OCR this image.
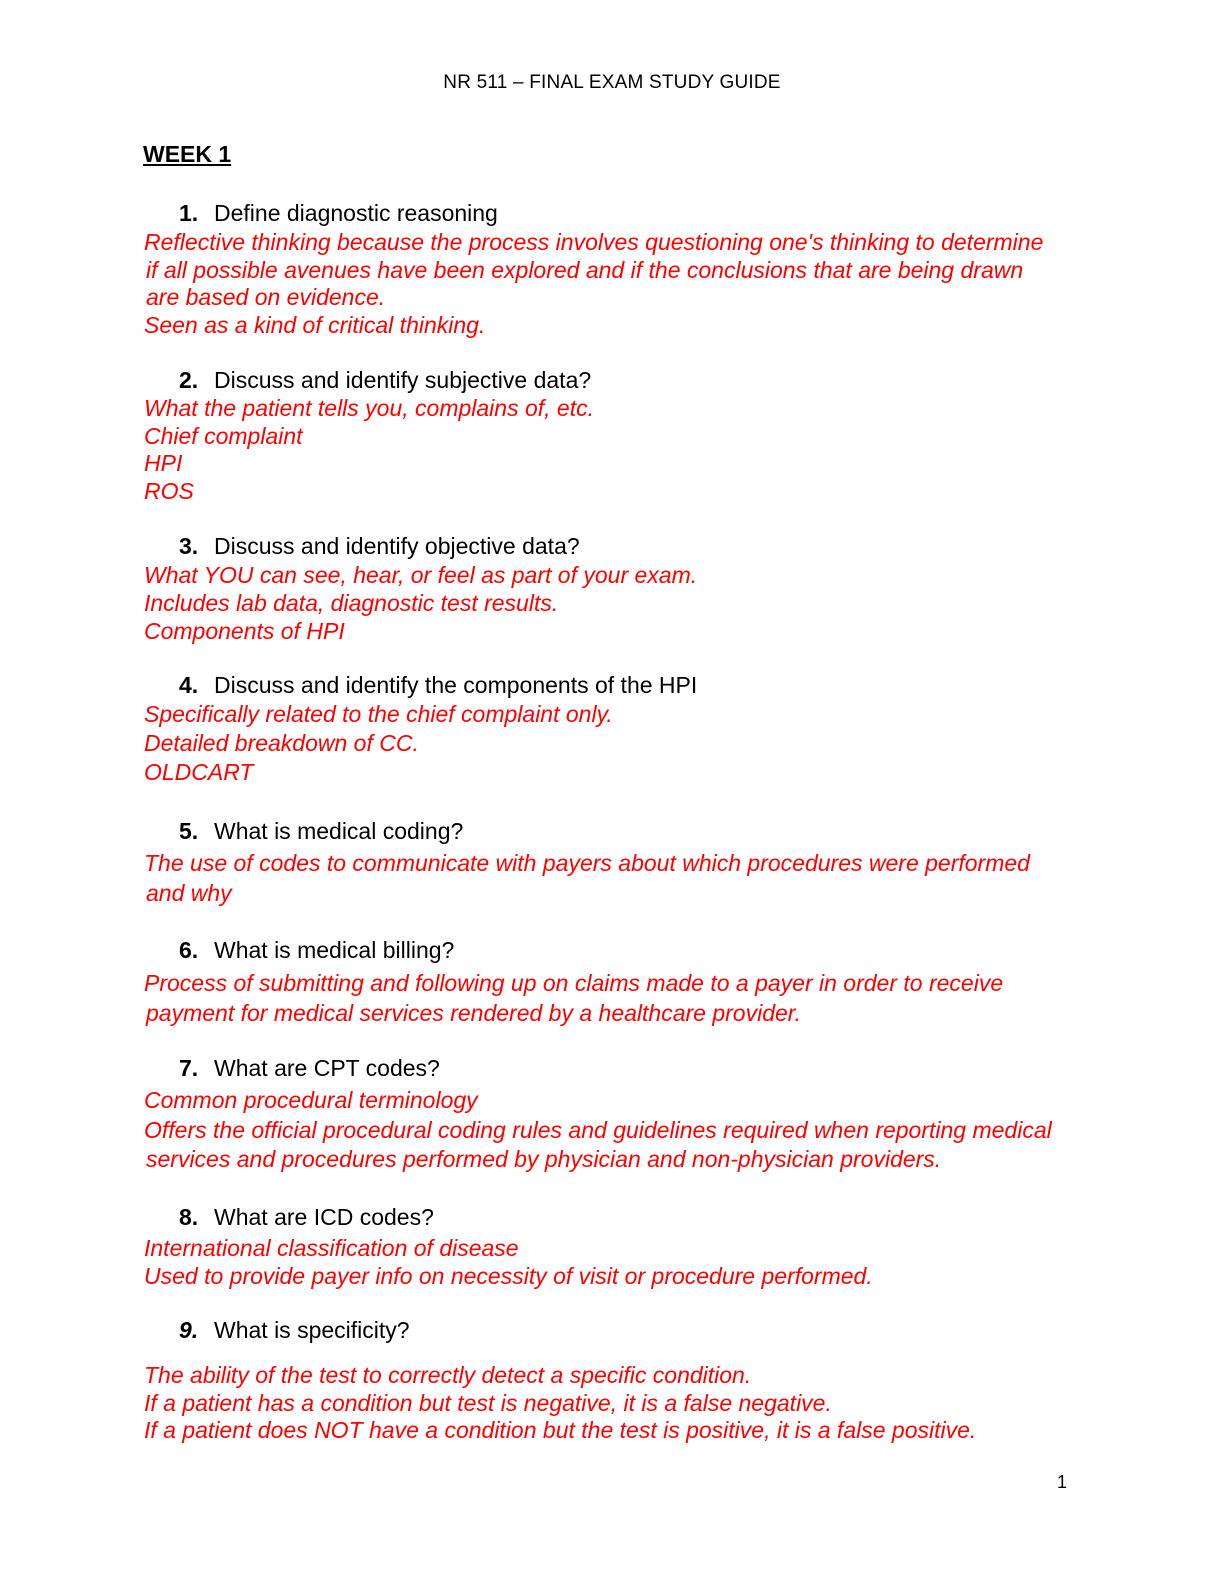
NR 511 – FINAL EXAM STUDY GUIDE
WEEK 1
1. Define diagnostic reasoning
Reflective thinking because the process involves questioning one's thinking to determine
if all possible avenues have been explored and if the conclusions that are being drawn
are based on evidence.
Seen as a kind of critical thinking.
2. Discuss and identify subjective data?
What the patient tells you, complains of, etc.
Chief complaint
HPI
ROS
3. Discuss and identify objective data?
What YOU can see, hear, or feel as part of your exam.
Includes lab data, diagnostic test results.
Components of HPI
4. Discuss and identify the components of the HPI
Specifically related to the chief complaint only.
Detailed breakdown of CC.
OLDCART
5. What is medical coding?
The use of codes to communicate with payers about which procedures were performed
and why
6. What is medical billing?
Process of submitting and following up on claims made to a payer in order to receive
payment for medical services rendered by a healthcare provider.
7. What are CPT codes?
Common procedural terminology
Offers the official procedural coding rules and guidelines required when reporting medical
services and procedures performed by physician and non-physician providers.
8. What are ICD codes?
International classification of disease
Used to provide payer info on necessity of visit or procedure performed.
9. What is specificity?
The ability of the test to correctly detect a specific condition.
If a patient has a condition but test is negative, it is a false negative.
If a patient does NOT have a condition but the test is positive, it is a false positive.
1
